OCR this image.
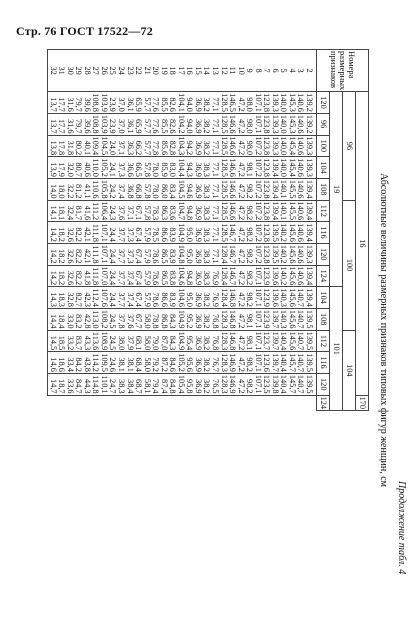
Стр. 76 ГОСТ 17522—72
Продолжение табл. 4
Абсолютные величины размерных признаков типовых фигур женщин, см
Номера размерных признаков	16														170
	96					100						104			
	19									101					
	120	96	100	104	108	112	116	120	124	104	108	112	116	120	124
2	139,2	139,2	139,3	139,3	139,4	139,4	139,4	139,3	139,4	139,4	139,5	139,5	139,5	139,5	
3	140,6	140,6	140,6	140,6	140,6	140,6	140,6	140,6	140,6	140,7	140,7	140,7	140,7	140,7	
4	145,3	145,3	145,4	145,4	145,5	145,5	145,6	145,6	145,6	145,6	145,6	145,6	145,7	145,7	
5	140,0	140,0	140,0	140,0	140,1	140,1	140,2	140,2	140,2	140,3	140,3	140,4	140,4	140,4	
6	139,3	139,3	139,3	139,4	139,4	139,4	139,5	139,5	139,6	139,6	139,7	139,7	139,7	139,8	
7	123,8	123,8	123,8	123,8	123,8	123,8	123,8	123,8	123,9	123,9	123,9	123,7	123,6	123,5	
8	107,1	107,1	107,2	107,2	107,2	107,2	107,2	107,2	107,1	107,1	107,1	107,1	107,1	107,1	
9	98,0	98,0	98,0	98,1	98,2	98,2	98,2	98,2	98,2	98,2	98,1	98,1	98,2	98,2	
10	47,2	47,2	47,2	47,2	47,2	47,2	47,2	47,2	47,2	47,2	47,2	47,2	47,2	47,2	
11	146,5	146,6	146,6	146,6	146,6	146,6	146,7	146,7	146,7	146,8	146,8	146,8	146,9	146,9	
12	128,5	128,5	128,5	128,5	128,5	128,5	128,5	128,4	128,4	128,4	128,3	128,3	128,3	128,3	
13	77,1	77,1	77,1	77,1	77,1	77,1	77,1	77,1	76,9	76,9	76,8	76,8	76,7	76,5	
14	38,2	38,2	38,2	38,3	38,3	38,3	38,3	38,3	38,3	38,2	38,2	38,2	38,2	38,2	
15	36,9	36,9	36,9	36,9	36,9	36,9	36,9	36,9	36,9	36,9	36,9	36,9	36,9	36,9	
16	94,0	94,0	94,2	94,3	94,6	94,8	95,0	95,0	94,8	95,0	95,2	95,4	95,6	95,8	
17	104,1	104,2	104,3	104,4	104,5	104,7	104,9	104,8	104,6	104,6	104,9	104,9	105,2	105,4	
18	82,6	82,6	82,8	83,0	83,4	83,6	83,9	83,9	83,8	83,9	84,3	84,3	84,6	84,8	
19	85,5	85,5	85,6	85,9	86,0	86,3	86,6	86,5	86,5	86,6	86,8	87,0	87,2	87,4	
20	77,6	77,6	77,8	78,0	78,0	78,3	78,5	78,6	78,6	78,6	78,8	79,0	79,2	79,4	
21	57,7	57,7	57,7	57,8	57,8	57,8	57,9	57,9	57,9	57,9	58,0	58,0	58,0	58,1	
22	65,9	65,9	66,2	66,5	66,8	67,1	67,4	67,4	67,4	67,4	67,7	68,1	68,4	68,7	
23	36,1	36,1	36,3	36,6	36,8	37,1	37,3	37,3	37,4	37,4	37,6	37,9	38,1	38,4	
24	37,0	37,0	37,1	37,3	37,4	37,6	37,7	37,7	37,7	37,7	37,8	38,0	38,1	38,3	
25	23,9	23,9	24,0	24,1	24,2	24,3	24,4	24,4	24,4	24,4	24,5	24,5	24,6	24,7	
26	103,9	103,9	104,5	105,2	105,8	106,4	107,1	107,1	107,0	107,6	108,2	108,9	109,5	110,1	
27	108,8	108,8	109,4	110,0	110,6	111,2	111,8	111,8	111,8	112,4	113,0	113,6	114,2	114,8	
28	39,6	39,6	40,1	40,6	41,1	41,6	42,1	42,1	41,8	42,3	42,8	43,3	43,8	44,3	
29	79,7	79,7	80,2	80,7	81,2	81,7	82,2	82,2	82,2	82,7	83,2	83,7	84,2	84,7	
30	31,6	31,6	31,8	32,0	32,2	32,4	32,6	32,6	32,6	32,8	33,0	33,2	33,4	33,6	
31	17,7	17,7	17,8	17,9	18,0	18,1	18,2	18,2	18,2	18,3	18,4	18,5	18,6	18,7	
32	13,7	13,7	13,8	13,9	14,0	14,1	14,2	14,2	14,2	14,3	14,4	14,5	14,6	14,7	
